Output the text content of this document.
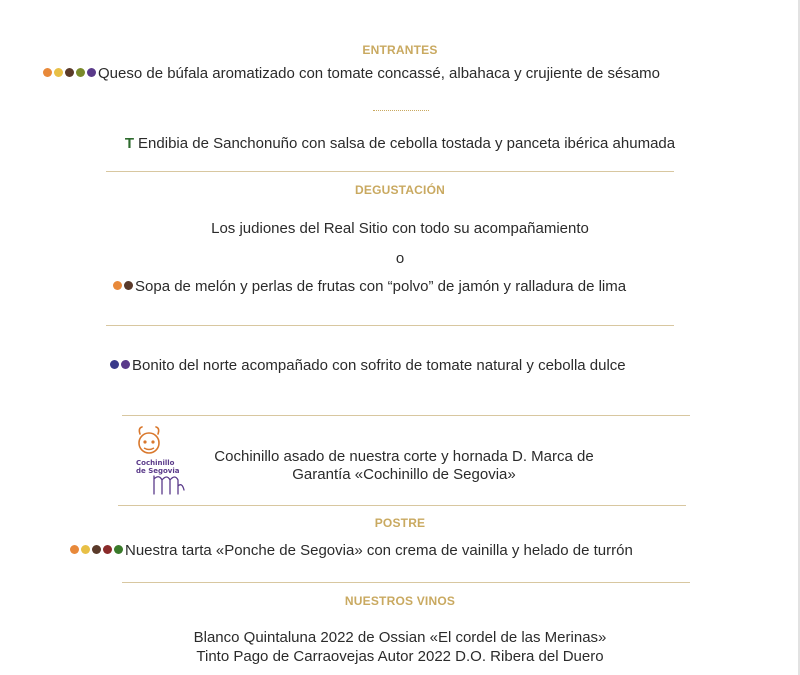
ENTRANTES
Queso de búfala aromatizado con tomate concassé, albahaca y crujiente de sésamo
T Endibia de Sanchonuño con salsa de cebolla tostada y panceta ibérica ahumada
DEGUSTACIÓN
Los judiones del Real Sitio con todo su acompañamiento
o
Sopa de melón y perlas de frutas con “polvo” de jamón y ralladura de lima
Bonito del norte acompañado con sofrito de tomate natural y cebolla dulce
Cochinillo
de Segovia
Cochinillo asado de nuestra corte y hornada D. Marca de
Garantía «Cochinillo de Segovia»
POSTRE
Nuestra tarta «Ponche de Segovia» con crema de vainilla y helado de turrón
NUESTROS VINOS
Blanco Quintaluna 2022 de Ossian «El cordel de las Merinas»
Tinto Pago de Carraovejas Autor 2022 D.O. Ribera del Duero
